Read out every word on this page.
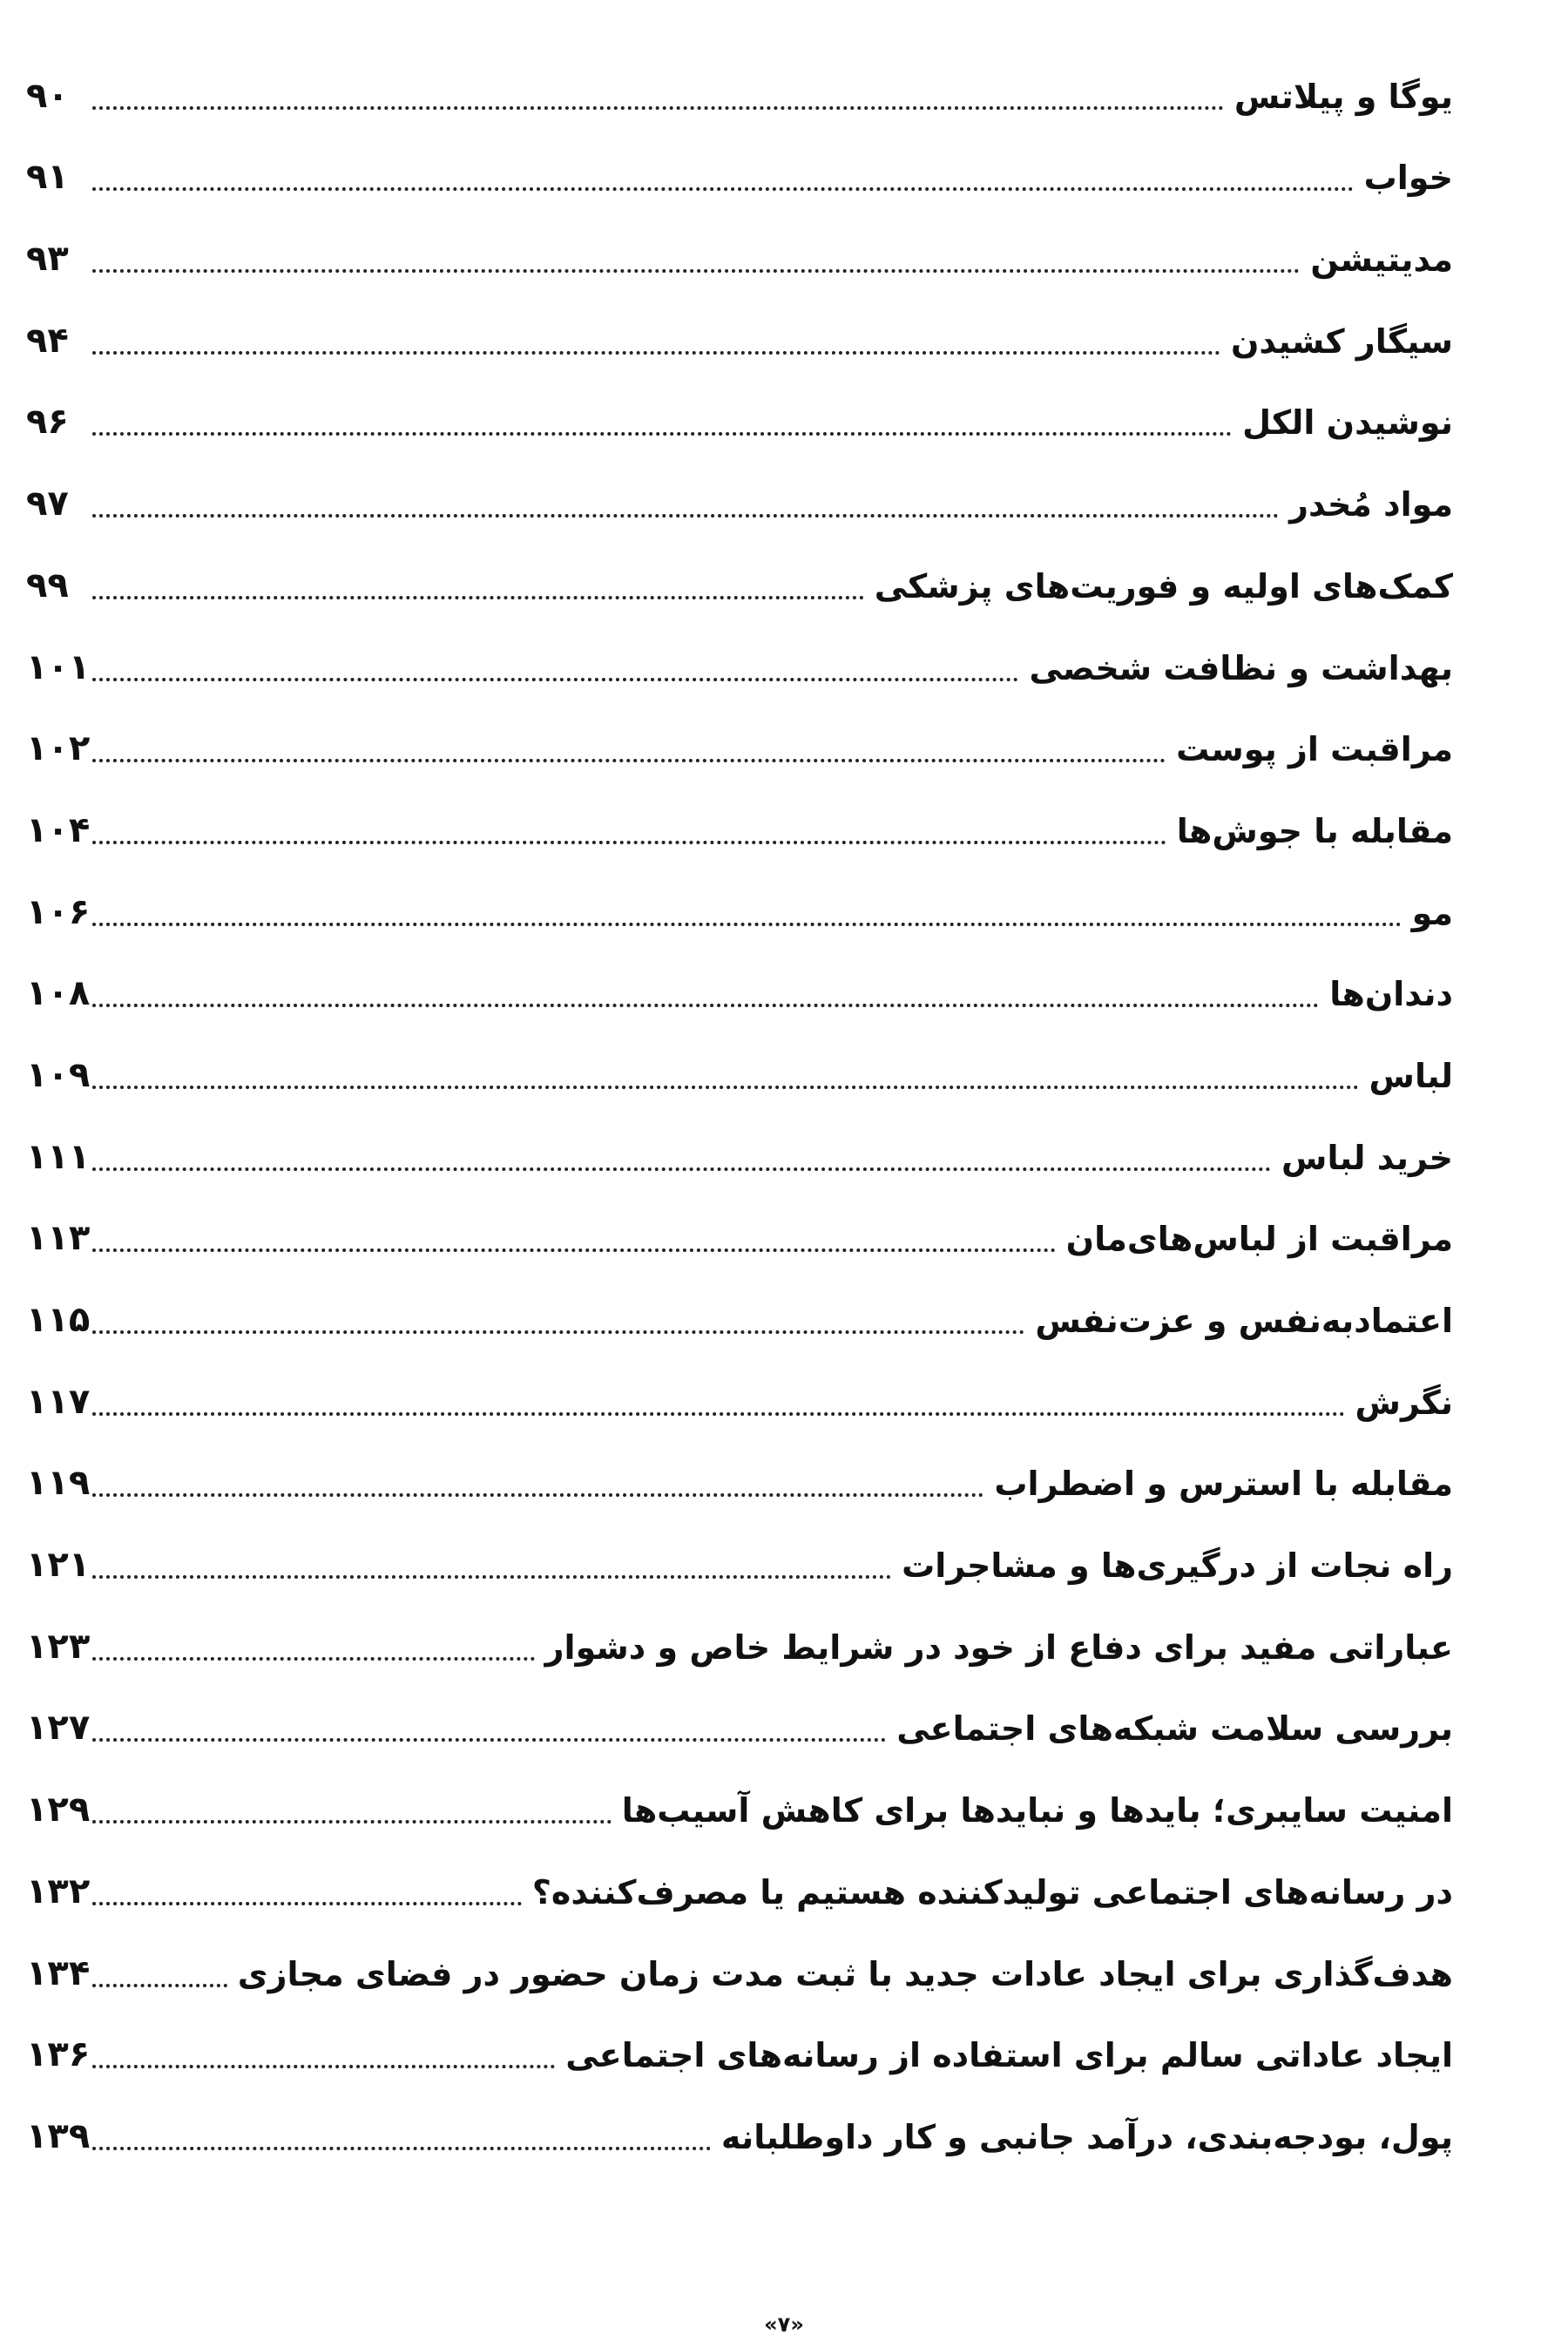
یوگا و پیلاتس
۹۰
خواب
۹۱
مدیتیشن
۹۳
سیگار کشیدن
۹۴
نوشیدن الکل
۹۶
مواد مُخدر
۹۷
کمک‌های اولیه و فوریت‌های پزشکی
۹۹
بهداشت و نظافت شخصی
۱۰۱
مراقبت از پوست
۱۰۲
مقابله با جوش‌ها
۱۰۴
مو
۱۰۶
دندان‌ها
۱۰۸
لباس
۱۰۹
خرید لباس
۱۱۱
مراقبت از لباس‌های‌مان
۱۱۳
اعتمادبه‌نفس و عزت‌نفس
۱۱۵
نگرش
۱۱۷
مقابله با استرس و اضطراب
۱۱۹
راه نجات از درگیری‌ها و مشاجرات
۱۲۱
عباراتی مفید برای دفاع از خود در شرایط خاص و دشوار
۱۲۳
بررسی سلامت شبکه‌های اجتماعی
۱۲۷
امنیت سایبری؛ بایدها و نبایدها برای کاهش آسیب‌ها
۱۲۹
در رسانه‌های اجتماعی تولیدکننده هستیم یا مصرف‌کننده؟
۱۳۲
هدف‌گذاری برای ایجاد عادات جدید با ثبت مدت زمان حضور در فضای مجازی
۱۳۴
ایجاد عاداتی سالم برای استفاده از رسانه‌های اجتماعی
۱۳۶
پول، بودجه‌بندی، درآمد جانبی و کار داوطلبانه
۱۳۹
«۷»
